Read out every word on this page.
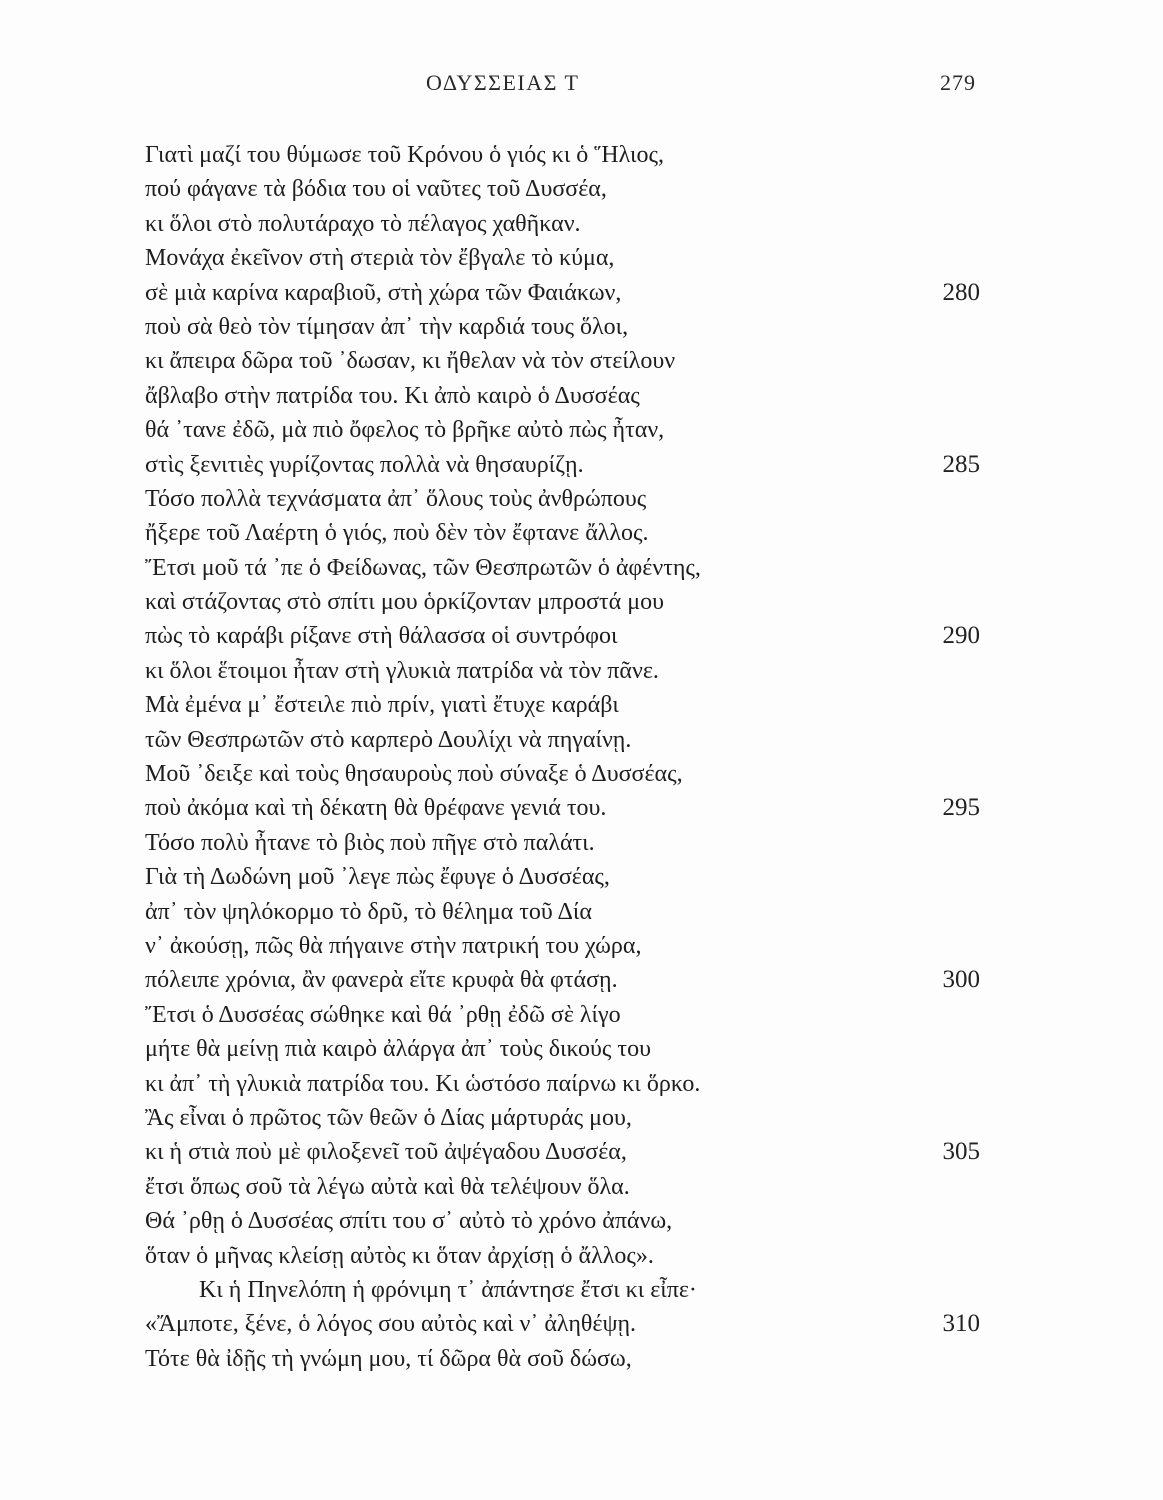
ΟΔΥΣΣΕΙΑΣ Τ	279
Γιατὶ μαζί του θύμωσε τοῦ Κρόνου ὁ γιός κι ὁ Ἥλιος,
πού φάγανε τὰ βόδια του οἱ ναῦτες τοῦ Δυσσέα,
κι ὅλοι στὸ πολυτάραχο τὸ πέλαγος χαθῆκαν.
Μονάχα ἐκεῖνον στὴ στεριὰ τὸν ἔβγαλε τὸ κύμα,
σὲ μιὰ καρίνα καραβιοῦ, στὴ χώρα τῶν Φαιάκων,	280
ποὺ σὰ θεὸ τὸν τίμησαν ἀπ᾽ τὴν καρδιά τους ὅλοι,
κι ἄπειρα δῶρα τοῦ ᾽δωσαν, κι ἤθελαν νὰ τὸν στείλουν
ἄβλαβο στὴν πατρίδα του. Κι ἀπὸ καιρὸ ὁ Δυσσέας
θά ᾽τανε ἐδῶ, μὰ πιὸ ὄφελος τὸ βρῆκε αὐτὸ πὼς ἦταν,
στὶς ξενιτιὲς γυρίζοντας πολλὰ νὰ θησαυρίζῃ.	285
Τόσο πολλὰ τεχνάσματα ἀπ᾽ ὅλους τοὺς ἀνθρώπους
ἤξερε τοῦ Λαέρτη ὁ γιός, ποὺ δὲν τὸν ἔφτανε ἄλλος.
Ἔτσι μοῦ τά ᾽πε ὁ Φείδωνας, τῶν Θεσπρωτῶν ὁ ἀφέντης,
καὶ στάζοντας στὸ σπίτι μου ὁρκίζονταν μπροστά μου
πὼς τὸ καράβι ρίξανε στὴ θάλασσα οἱ συντρόφοι	290
κι ὅλοι ἕτοιμοι ἦταν στὴ γλυκιὰ πατρίδα νὰ τὸν πᾶνε.
Μὰ ἐμένα μ᾽ ἔστειλε πιὸ πρίν, γιατὶ ἔτυχε καράβι
τῶν Θεσπρωτῶν στὸ καρπερὸ Δουλίχι νὰ πηγαίνῃ.
Μοῦ ᾽δειξε καὶ τοὺς θησαυροὺς ποὺ σύναξε ὁ Δυσσέας,
ποὺ ἀκόμα καὶ τὴ δέκατη θὰ θρέφανε γενιά του.	295
Τόσο πολὺ ἦτανε τὸ βιὸς ποὺ πῆγε στὸ παλάτι.
Γιὰ τὴ Δωδώνη μοῦ ᾽λεγε πὼς ἔφυγε ὁ Δυσσέας,
ἀπ᾽ τὸν ψηλόκορμο τὸ δρῦ, τὸ θέλημα τοῦ Δία
ν᾽ ἀκούσῃ, πῶς θὰ πήγαινε στὴν πατρική του χώρα,
πόλειπε χρόνια, ἂν φανερὰ εἴτε κρυφὰ θὰ φτάσῃ.	300
Ἔτσι ὁ Δυσσέας σώθηκε καὶ θά ᾽ρθῃ ἐδῶ σὲ λίγο
μήτε θὰ μείνῃ πιὰ καιρὸ ἀλάργα ἀπ᾽ τοὺς δικούς του
κι ἀπ᾽ τὴ γλυκιὰ πατρίδα του. Κι ὡστόσο παίρνω κι ὅρκο.
Ἂς εἶναι ὁ πρῶτος τῶν θεῶν ὁ Δίας μάρτυράς μου,
κι ἡ στιὰ ποὺ μὲ φιλοξενεῖ τοῦ ἀψέγαδου Δυσσέα,	305
ἔτσι ὅπως σοῦ τὰ λέγω αὐτὰ καὶ θὰ τελέψουν ὅλα.
Θά ᾽ρθῃ ὁ Δυσσέας σπίτι του σ᾽ αὐτὸ τὸ χρόνο ἀπάνω,
ὅταν ὁ μῆνας κλείσῃ αὐτὸς κι ὅταν ἀρχίσῃ ὁ ἄλλος».
Κι ἡ Πηνελόπη ἡ φρόνιμη τ᾽ ἀπάντησε ἔτσι κι εἶπε·
«Ἄμποτε, ξένε, ὁ λόγος σου αὐτὸς καὶ ν᾽ ἀληθέψῃ.	310
Τότε θὰ ἰδῇς τὴ γνώμη μου, τί δῶρα θὰ σοῦ δώσω,
